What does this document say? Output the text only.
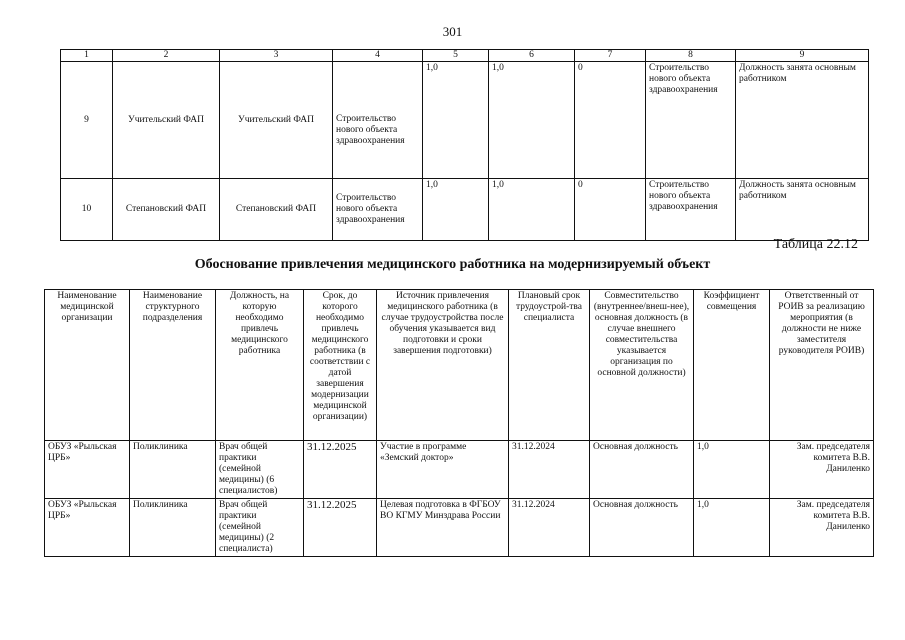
301
1	2	3	4	5	6	7	8	9
9	Учительский ФАП	Учительский ФАП	Строительство нового объекта здравоохранения	1,0	1,0	0	Строительство нового объекта здравоохранения	Должность занята основным работником
10	Степановский ФАП	Степановский ФАП	Строительство нового объекта здравоохранения	1,0	1,0	0	Строительство нового объекта здравоохранения	Должность занята основным работником
Таблица 22.12
Обоснование привлечения медицинского работника на модернизируемый объект
Наименование медицинской организации	Наименование структурного подразделения	Должность, на которую необходимо привлечь медицинского работника	Срок, до которого необходимо привлечь медицинского работника (в соответствии с датой завершения модернизации медицинской организации)	Источник привлечения медицинского работника (в случае трудоустройства после обучения указывается вид подготовки и сроки завершения подготовки)	Плановый срок трудоустрой-тва специалиста	Совместительство (внутреннее/внеш-нее), основная должность (в случае внешнего совместительства указывается организация по основной должности)	Коэффициент совмещения	Ответственный от РОИВ за реализацию мероприятия (в должности не ниже заместителя руководителя РОИВ)
ОБУЗ «Рыльская ЦРБ»	Поликлиника	Врач общей практики (семейной медицины) (6 специалистов)	31.12.2025	Участие в программе «Земский доктор»	31.12.2024	Основная должность	1,0	Зам. председателя комитета В.В. Даниленко
ОБУЗ «Рыльская ЦРБ»	Поликлиника	Врач общей практики (семейной медицины) (2 специалиста)	31.12.2025	Целевая подготовка в ФГБОУ ВО КГМУ Минздрава России	31.12.2024	Основная должность	1,0	Зам. председателя комитета В.В. Даниленко
